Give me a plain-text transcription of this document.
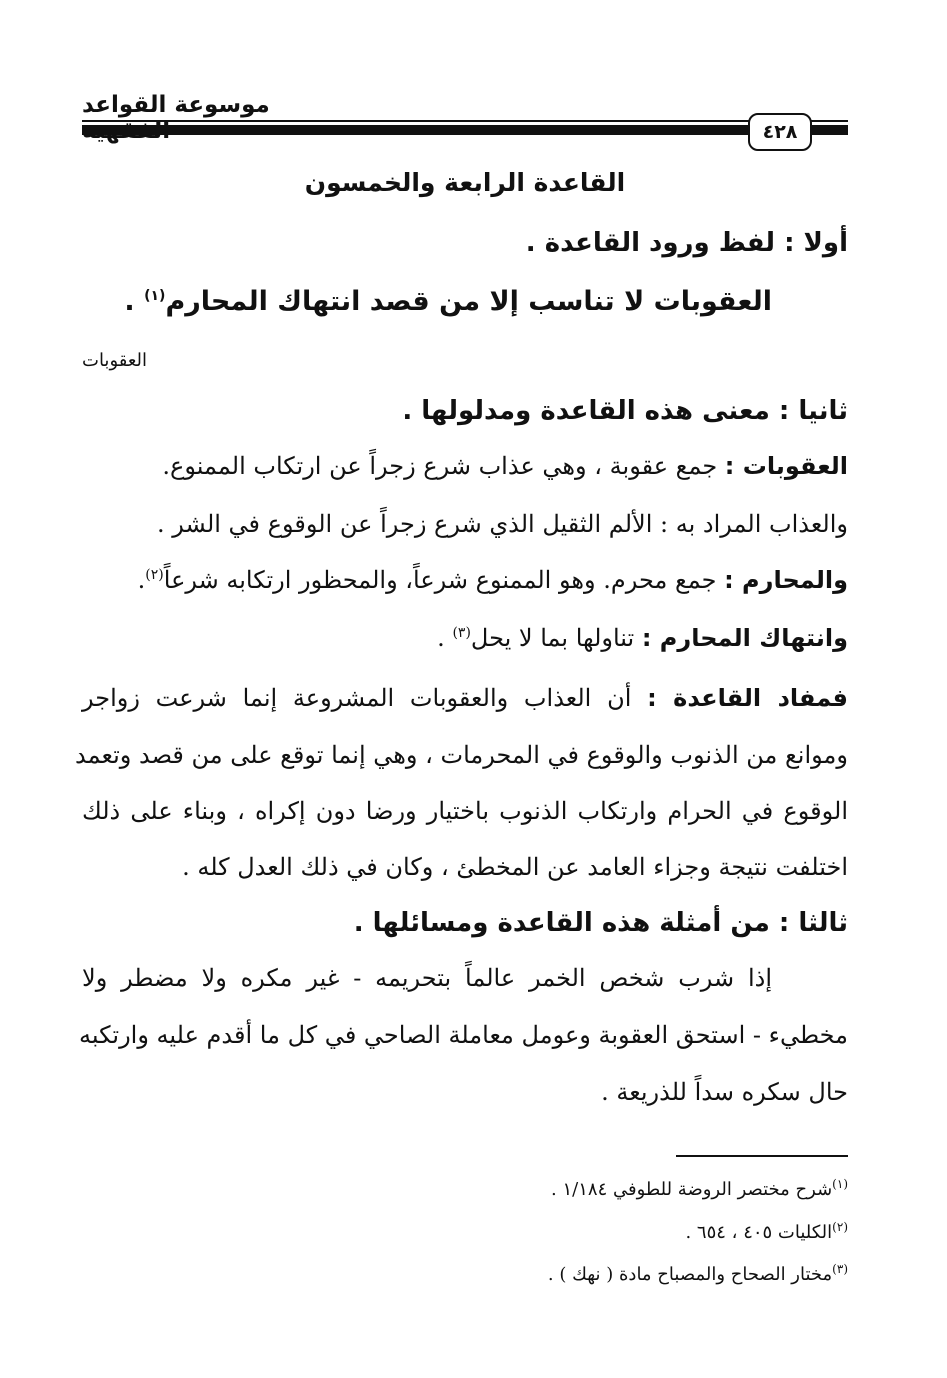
موسوعة القواعد
٤٢٨
القاعدة الرابعة والخمسون
أولا : لفظ ورود القاعدة .
العقوبات لا تناسب إلا من قصد انتهاك المحارم$^{(١)}$ .
العقوبات
ثانيا : معنى هذه القاعدة ومدلولها .
العقوبات : جمع عقوبة ، وهي عذاب شرع زجراً عن ارتكاب الممنوع.
والعذاب المراد به : الألم الثقيل الذي شرع زجراً عن الوقوع في الشر .
والمحارم : جمع محرم. وهو الممنوع شرعاً، والمحظور ارتكابه شرعاً$^{(٢)}$.
وانتهاك المحارم : تناولها بما لا يحل$^{(٣)}$ .
فمفاد القاعدة : أن العذاب والعقوبات المشروعة إنما شرعت زواجر
وموانع من الذنوب والوقوع في المحرمات ، وهي إنما توقع على من قصد وتعمد
الوقوع في الحرام وارتكاب الذنوب باختيار ورضا دون إكراه ، وبناء على ذلك
اختلفت نتيجة وجزاء العامد عن المخطئ ، وكان في ذلك العدل كله .
ثالثا : من أمثلة هذه القاعدة ومسائلها .
إذا شرب شخص الخمر عالماً بتحريمه - غير مكره ولا مضطر ولا
مخطيء - استحق العقوبة وعومل معاملة الصاحي في كل ما أقدم عليه وارتكبه
حال سكره سداً للذريعة .
$^{(١)}$شرح مختصر الروضة للطوفي ١/١٨٤ .
$^{(٢)}$الكليات ٤٠٥ ، ٦٥٤ .
$^{(٣)}$مختار الصحاح والمصباح مادة ( نهك ) .
